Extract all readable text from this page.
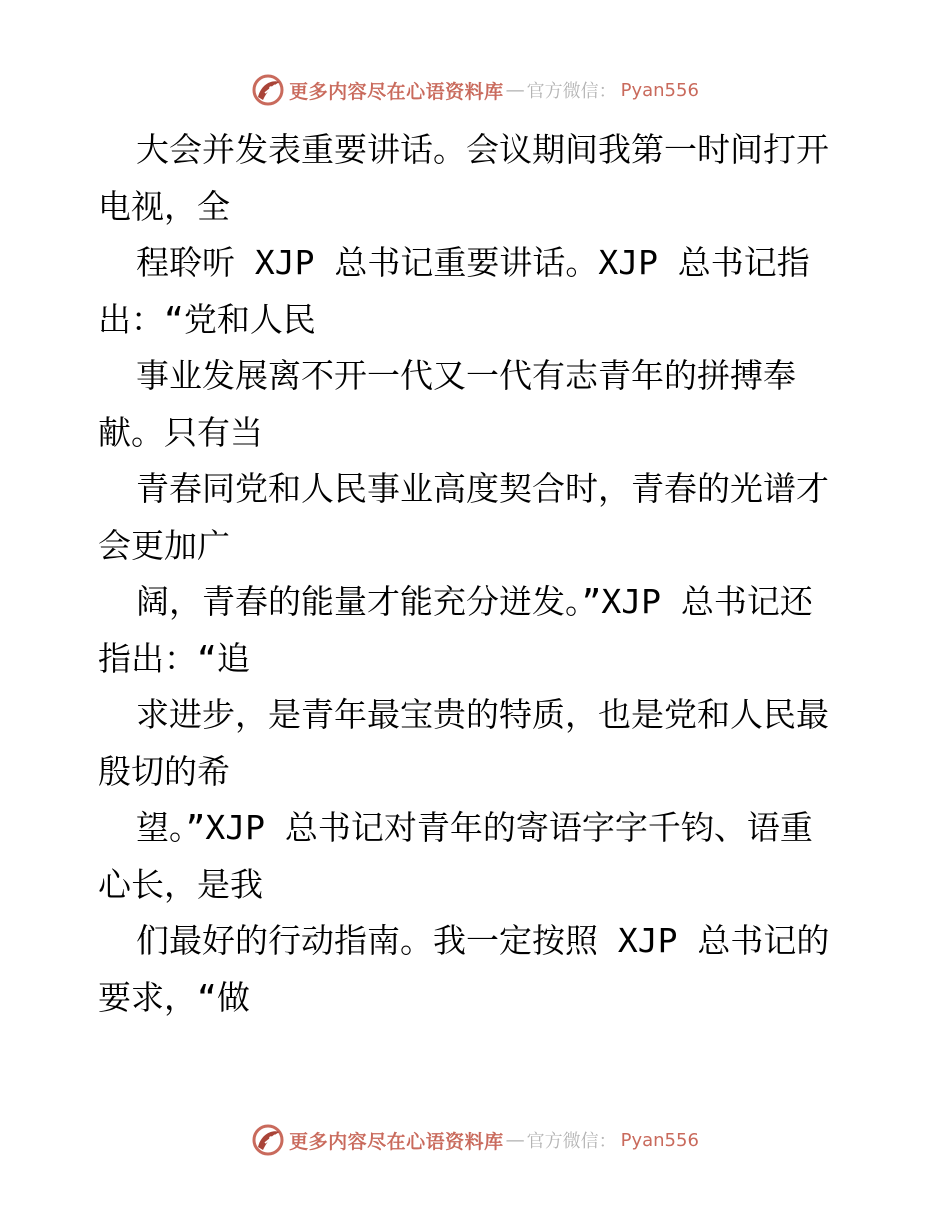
更多内容尽在心语资料库 — 官方微信： Pyan556
大会并发表重要讲话。会议期间我第一时间打开
电视，全
程聆听 XJP 总书记重要讲话。XJP 总书记指
出：“党和人民
事业发展离不开一代又一代有志青年的拼搏奉
献。只有当
青春同党和人民事业高度契合时，青春的光谱才
会更加广
阔，青春的能量才能充分迸发。”XJP 总书记还
指出：“追
求进步，是青年最宝贵的特质，也是党和人民最
殷切的希
望。”XJP 总书记对青年的寄语字字千钧、语重
心长，是我
们最好的行动指南。我一定按照 XJP 总书记的
要求，“做
更多内容尽在心语资料库 — 官方微信： Pyan556
